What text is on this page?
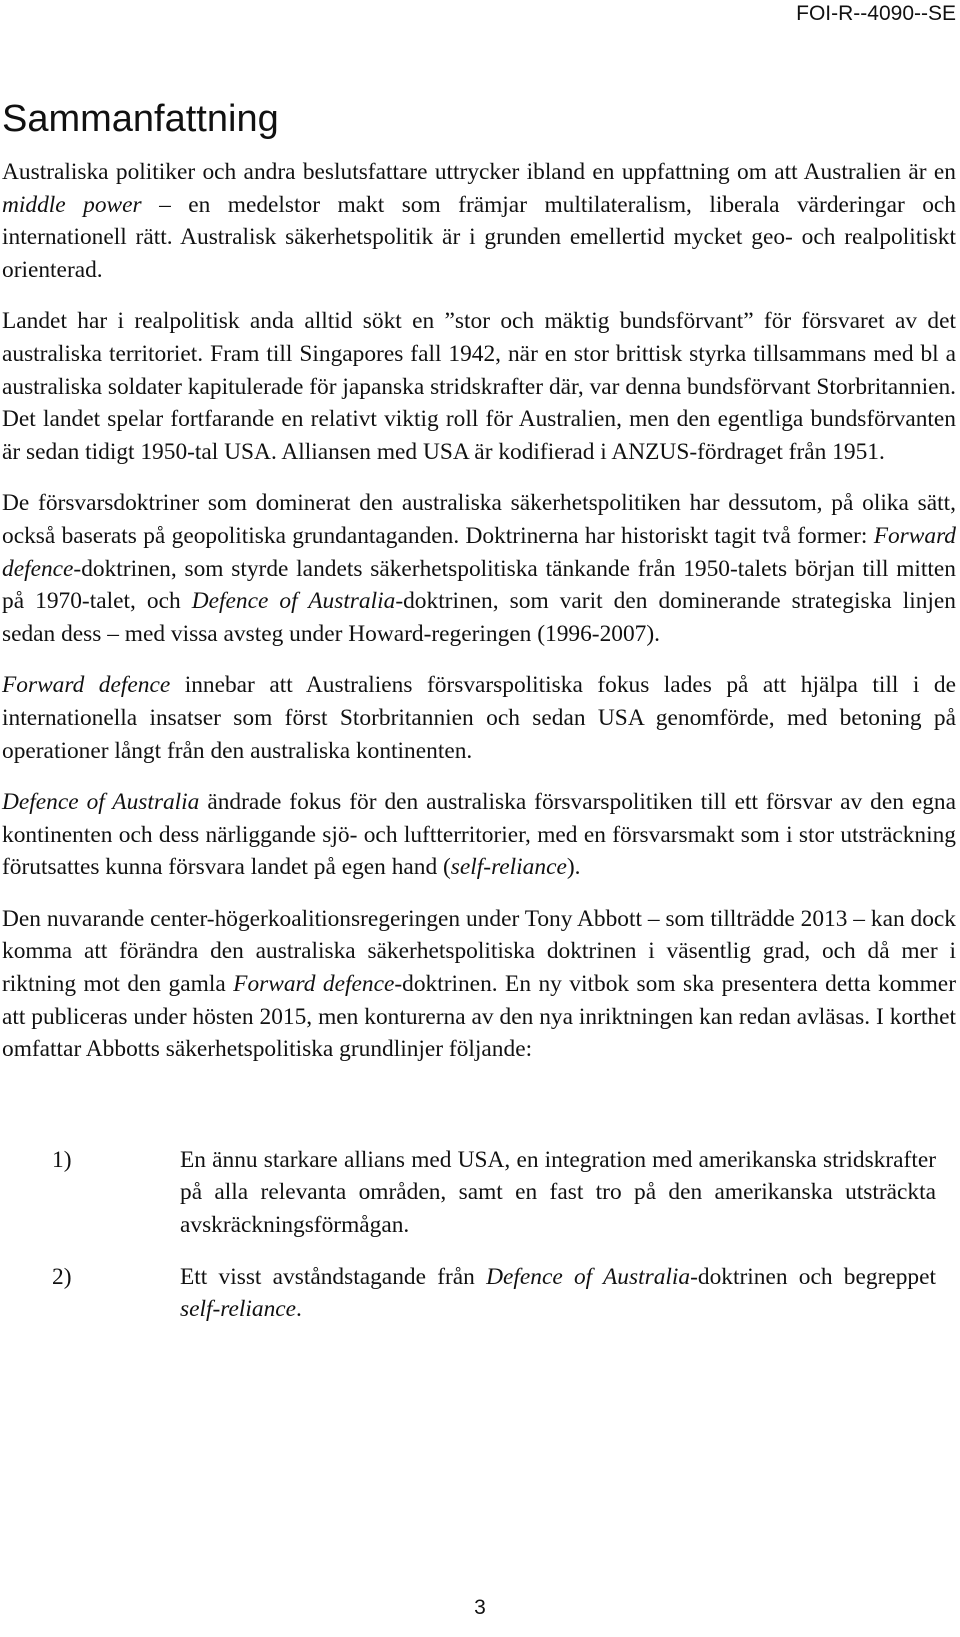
FOI-R--4090--SE
Sammanfattning

Australiska politiker och andra beslutsfattare uttrycker ibland en uppfattning om att Australien är en middle power – en medelstor makt som främjar multilateralism, liberala värderingar och internationell rätt. Australisk säkerhetspolitik är i grunden emellertid mycket geo- och realpolitiskt orienterad.

Landet har i realpolitisk anda alltid sökt en ”stor och mäktig bundsförvant” för försvaret av det australiska territoriet. Fram till Singapores fall 1942, när en stor brittisk styrka tillsammans med bl a australiska soldater kapitulerade för japanska stridskrafter där, var denna bundsförvant Storbritannien. Det landet spelar fortfarande en relativt viktig roll för Australien, men den egentliga bundsförvanten är sedan tidigt 1950-tal USA. Alliansen med USA är kodifierad i ANZUS-fördraget från 1951.

De försvarsdoktriner som dominerat den australiska säkerhetspolitiken har dessutom, på olika sätt, också baserats på geopolitiska grundantaganden. Doktrinerna har historiskt tagit två former: Forward defence-doktrinen, som styrde landets säkerhetspolitiska tänkande från 1950-talets början till mitten på 1970-talet, och Defence of Australia-doktrinen, som varit den dominerande strategiska linjen sedan dess – med vissa avsteg under Howard-regeringen (1996-2007).

Forward defence innebar att Australiens försvarspolitiska fokus lades på att hjälpa till i de internationella insatser som först Storbritannien och sedan USA genomförde, med betoning på operationer långt från den australiska kontinenten.

Defence of Australia ändrade fokus för den australiska försvarspolitiken till ett försvar av den egna kontinenten och dess närliggande sjö- och luftterritorier, med en försvarsmakt som i stor utsträckning förutsattes kunna försvara landet på egen hand (self-reliance).

Den nuvarande center-högerkoalitionsregeringen under Tony Abbott – som tillträdde 2013 – kan dock komma att förändra den australiska säkerhetspolitiska doktrinen i väsentlig grad, och då mer i riktning mot den gamla Forward defence-doktrinen. En ny vitbok som ska presentera detta kommer att publiceras under hösten 2015, men konturerna av den nya inriktningen kan redan avläsas. I korthet omfattar Abbotts säkerhetspolitiska grundlinjer följande:

1)	En ännu starkare allians med USA, en integration med amerikanska stridskrafter på alla relevanta områden, samt en fast tro på den amerikanska utsträckta avskräckningsförmågan.
2)	Ett visst avståndstagande från Defence of Australia-doktrinen och begreppet self-reliance.
3
